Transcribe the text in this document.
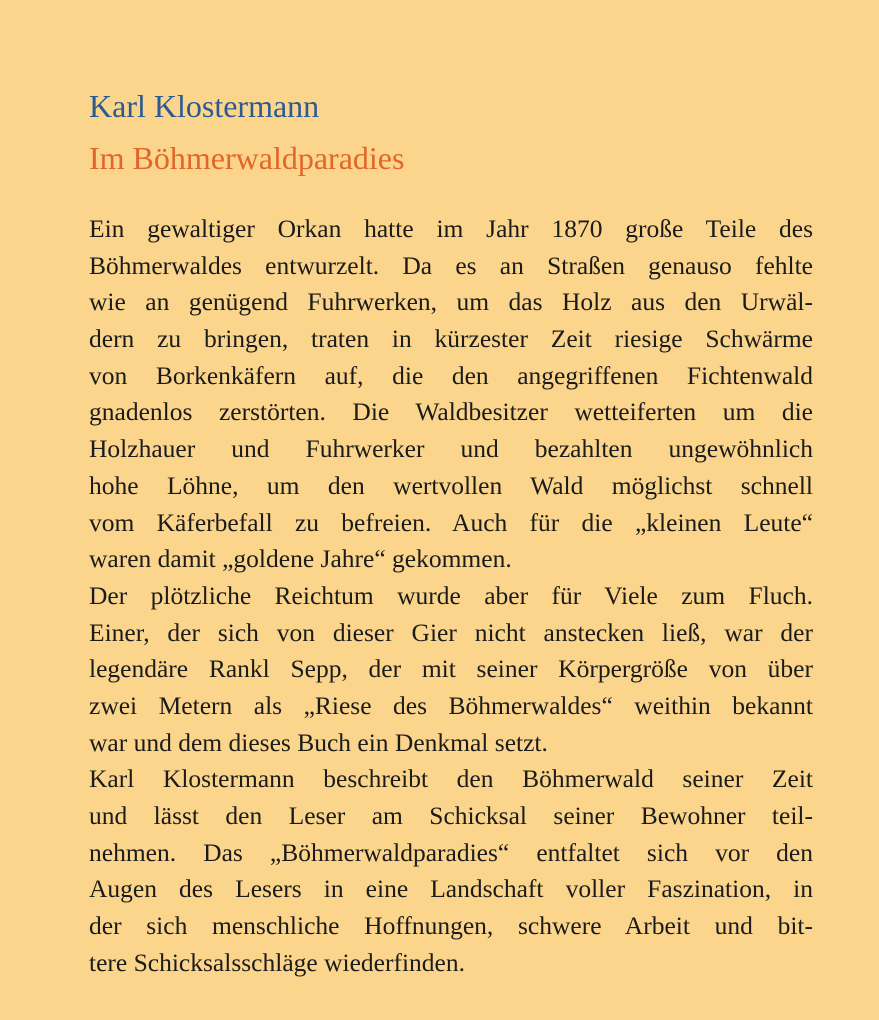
Karl Klostermann
Im Böhmerwaldparadies
Ein gewaltiger Orkan hatte im Jahr 1870 große Teile des
Böhmerwaldes entwurzelt. Da es an Straßen genauso fehlte
wie an genügend Fuhrwerken, um das Holz aus den Urwäl-
dern zu bringen, traten in kürzester Zeit riesige Schwärme
von Borkenkäfern auf, die den angegriffenen Fichtenwald
gnadenlos zerstörten. Die Waldbesitzer wetteiferten um die
Holzhauer und Fuhrwerker und bezahlten ungewöhnlich
hohe Löhne, um den wertvollen Wald möglichst schnell
vom Käferbefall zu befreien. Auch für die „kleinen Leute“
waren damit „goldene Jahre“ gekommen.
Der plötzliche Reichtum wurde aber für Viele zum Fluch.
Einer, der sich von dieser Gier nicht anstecken ließ, war der
legendäre Rankl Sepp, der mit seiner Körpergröße von über
zwei Metern als „Riese des Böhmerwaldes“ weithin bekannt
war und dem dieses Buch ein Denkmal setzt.
Karl Klostermann beschreibt den Böhmerwald seiner Zeit
und lässt den Leser am Schicksal seiner Bewohner teil-
nehmen. Das „Böhmerwaldparadies“ entfaltet sich vor den
Augen des Lesers in eine Landschaft voller Faszination, in
der sich menschliche Hoffnungen, schwere Arbeit und bit-
tere Schicksalsschläge wiederfinden.
